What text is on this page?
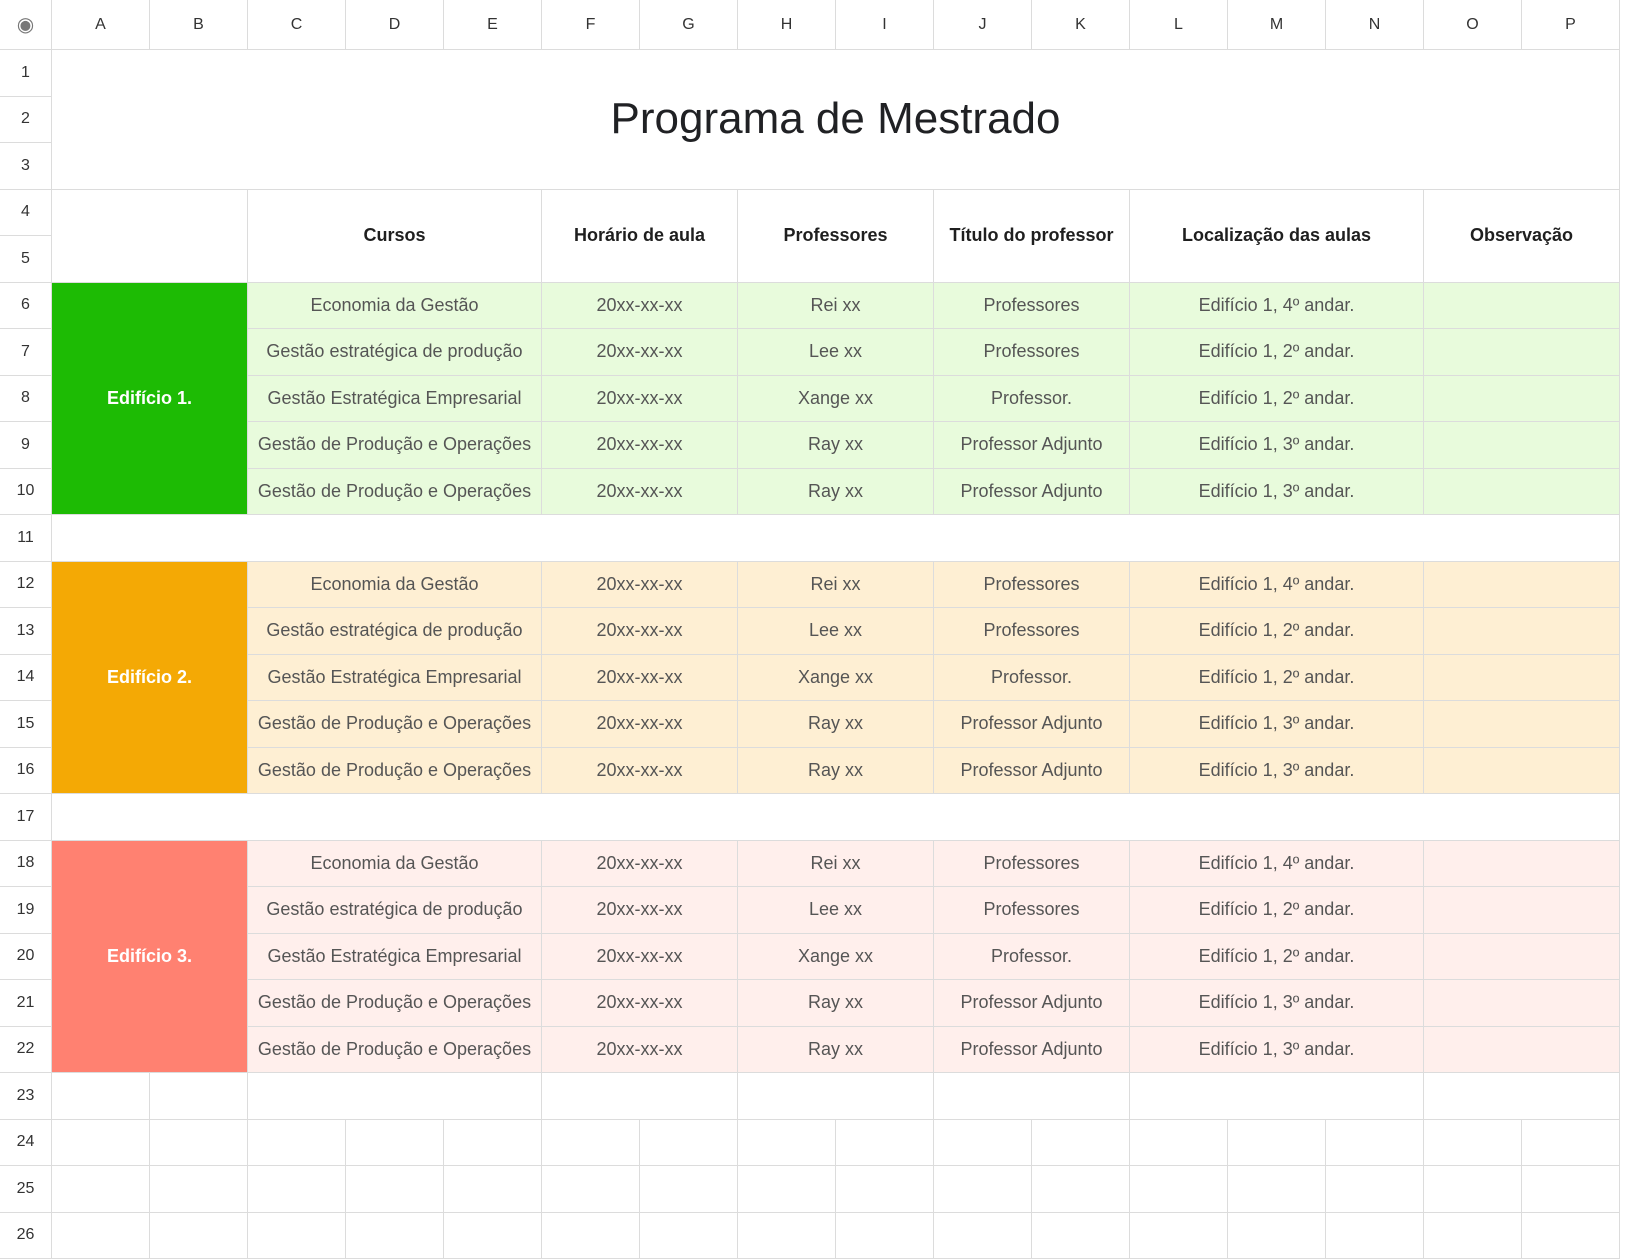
◉	A	B	C	D	E	F	G	H	I	J	K	L	M	N	O	P
1
2
3
4
5
6
7
8
9
10
11
12
13
14
15
16
17
18
19
20
21
22
23
24
25
26
Programa de Mestrado
Cursos	Horário de aula	Professores	Título do professor	Localização das aulas	Observação
Edifício 1.
Economia da Gestão	20xx-xx-xx	Rei xx	Professores	Edifício 1, 4º andar.
Gestão estratégica de produção	20xx-xx-xx	Lee xx	Professores	Edifício 1, 2º andar.
Gestão Estratégica Empresarial	20xx-xx-xx	Xange xx	Professor.	Edifício 1, 2º andar.
Gestão de Produção e Operações	20xx-xx-xx	Ray xx	Professor Adjunto	Edifício 1, 3º andar.
Gestão de Produção e Operações	20xx-xx-xx	Ray xx	Professor Adjunto	Edifício 1, 3º andar.
Edifício 2.
Economia da Gestão	20xx-xx-xx	Rei xx	Professores	Edifício 1, 4º andar.
Gestão estratégica de produção	20xx-xx-xx	Lee xx	Professores	Edifício 1, 2º andar.
Gestão Estratégica Empresarial	20xx-xx-xx	Xange xx	Professor.	Edifício 1, 2º andar.
Gestão de Produção e Operações	20xx-xx-xx	Ray xx	Professor Adjunto	Edifício 1, 3º andar.
Gestão de Produção e Operações	20xx-xx-xx	Ray xx	Professor Adjunto	Edifício 1, 3º andar.
Edifício 3.
Economia da Gestão	20xx-xx-xx	Rei xx	Professores	Edifício 1, 4º andar.
Gestão estratégica de produção	20xx-xx-xx	Lee xx	Professores	Edifício 1, 2º andar.
Gestão Estratégica Empresarial	20xx-xx-xx	Xange xx	Professor.	Edifício 1, 2º andar.
Gestão de Produção e Operações	20xx-xx-xx	Ray xx	Professor Adjunto	Edifício 1, 3º andar.
Gestão de Produção e Operações	20xx-xx-xx	Ray xx	Professor Adjunto	Edifício 1, 3º andar.
